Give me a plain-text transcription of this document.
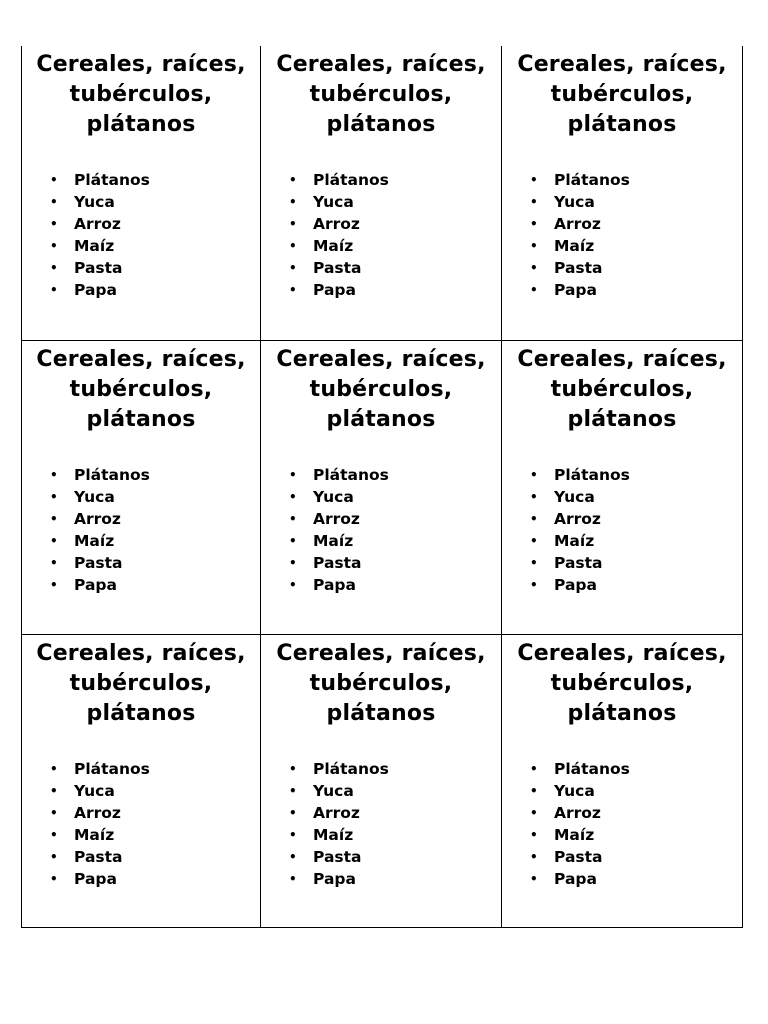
Cereales, raíces,
tubérculos,
plátanos
• Plátanos
• Yuca
• Arroz
• Maíz
• Pasta
• Papa
Cereales, raíces,
tubérculos,
plátanos
• Plátanos
• Yuca
• Arroz
• Maíz
• Pasta
• Papa
Cereales, raíces,
tubérculos,
plátanos
• Plátanos
• Yuca
• Arroz
• Maíz
• Pasta
• Papa
Cereales, raíces,
tubérculos,
plátanos
• Plátanos
• Yuca
• Arroz
• Maíz
• Pasta
• Papa
Cereales, raíces,
tubérculos,
plátanos
• Plátanos
• Yuca
• Arroz
• Maíz
• Pasta
• Papa
Cereales, raíces,
tubérculos,
plátanos
• Plátanos
• Yuca
• Arroz
• Maíz
• Pasta
• Papa
Cereales, raíces,
tubérculos,
plátanos
• Plátanos
• Yuca
• Arroz
• Maíz
• Pasta
• Papa
Cereales, raíces,
tubérculos,
plátanos
• Plátanos
• Yuca
• Arroz
• Maíz
• Pasta
• Papa
Cereales, raíces,
tubérculos,
plátanos
• Plátanos
• Yuca
• Arroz
• Maíz
• Pasta
• Papa
